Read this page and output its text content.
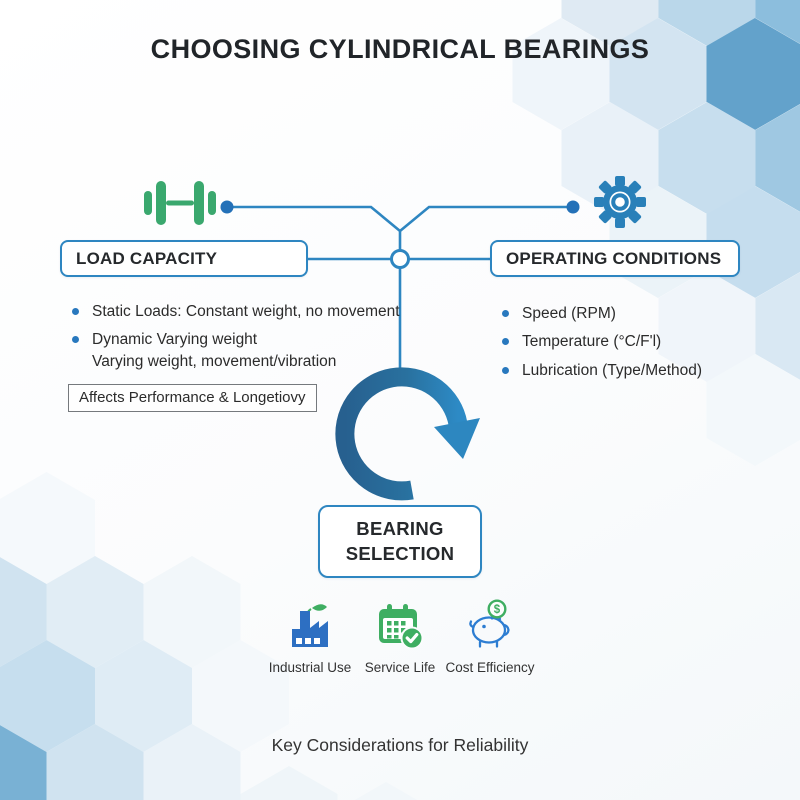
CHOOSING CYLINDRICAL BEARINGS
LOAD CAPACITY	OPERATING CONDITIONS
Static Loads: Constant weight, no movement
Dynamic Varying weight
Varying weight, movement/vibration
Affects Performance & Longetiovy
Speed (RPM)
Temperature (°C/F'l)
Lubrication (Type/Method)
BEARING
SELECTION
Industrial Use Service Life
$
Cost Efficiency
Key Considerations for Reliability
